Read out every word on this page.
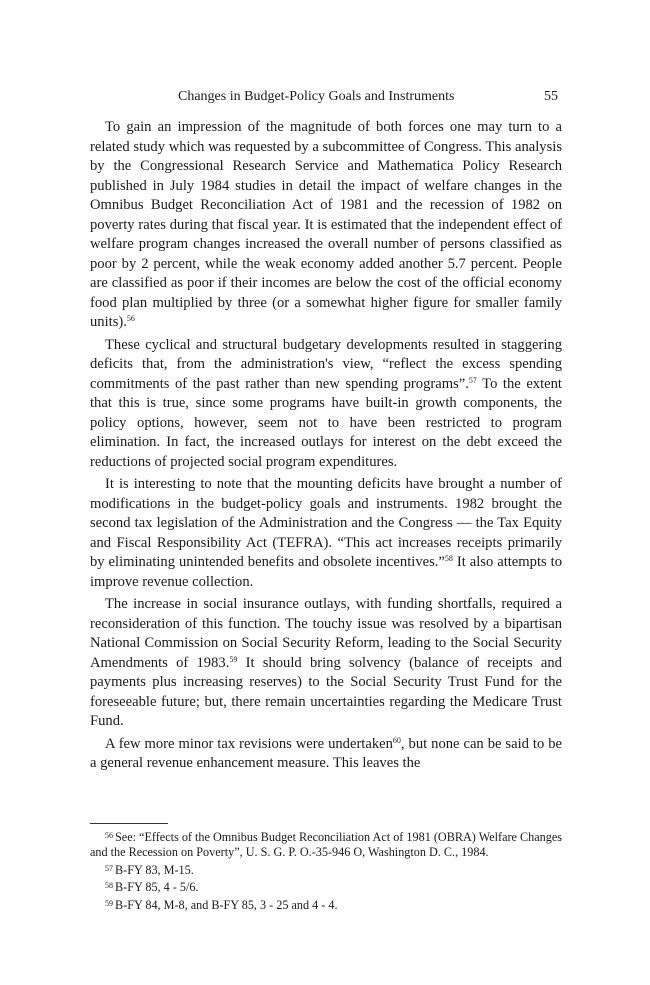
Changes in Budget-Policy Goals and Instruments	55

To gain an impression of the magnitude of both forces one may turn to a related study which was requested by a subcommittee of Congress. This analysis by the Congressional Research Service and Mathematica Policy Research published in July 1984 studies in detail the impact of welfare changes in the Omnibus Budget Reconciliation Act of 1981 and the recession of 1982 on poverty rates during that fiscal year. It is estimated that the independent effect of welfare program changes increased the overall number of persons classified as poor by 2 percent, while the weak economy added another 5.7 percent. People are classified as poor if their incomes are below the cost of the official economy food plan multiplied by three (or a somewhat higher figure for smaller family units).$^{56}$

These cyclical and structural budgetary developments resulted in staggering deficits that, from the administration's view, “reflect the excess spending commitments of the past rather than new spending programs”.$^{57}$ To the extent that this is true, since some programs have built-in growth components, the policy options, however, seem not to have been restricted to program elimination. In fact, the increased outlays for interest on the debt exceed the reductions of projected social program expenditures.

It is interesting to note that the mounting deficits have brought a number of modifications in the budget-policy goals and instruments. 1982 brought the second tax legislation of the Administration and the Congress — the Tax Equity and Fiscal Responsibility Act (TEFRA). “This act increases receipts primarily by eliminating unintended benefits and obsolete incentives.”$^{58}$ It also attempts to improve revenue collection.

The increase in social insurance outlays, with funding shortfalls, required a reconsideration of this function. The touchy issue was resolved by a bipartisan National Commission on Social Security Reform, leading to the Social Security Amendments of 1983.59 It should bring solvency (balance of receipts and payments plus increasing reserves) to the Social Security Trust Fund for the foreseeable future; but, there remain uncertainties regarding the Medicare Trust Fund.

A few more minor tax revisions were undertaken$^{60}$, but none can be said to be a general revenue enhancement measure. This leaves the

$^{56}$ See: “Effects of the Omnibus Budget Reconciliation Act of 1981 (OBRA) Welfare Changes and the Recession on Poverty”, U. S. G. P. O.-35-946 O, Washington D. C., 1984.

$^{57}$ B-FY 83, M-15.

$^{58}$ B-FY 85, 4 - 5/6.

$^{59}$ B-FY 84, M-8, and B-FY 85, 3 - 25 and 4 - 4.
